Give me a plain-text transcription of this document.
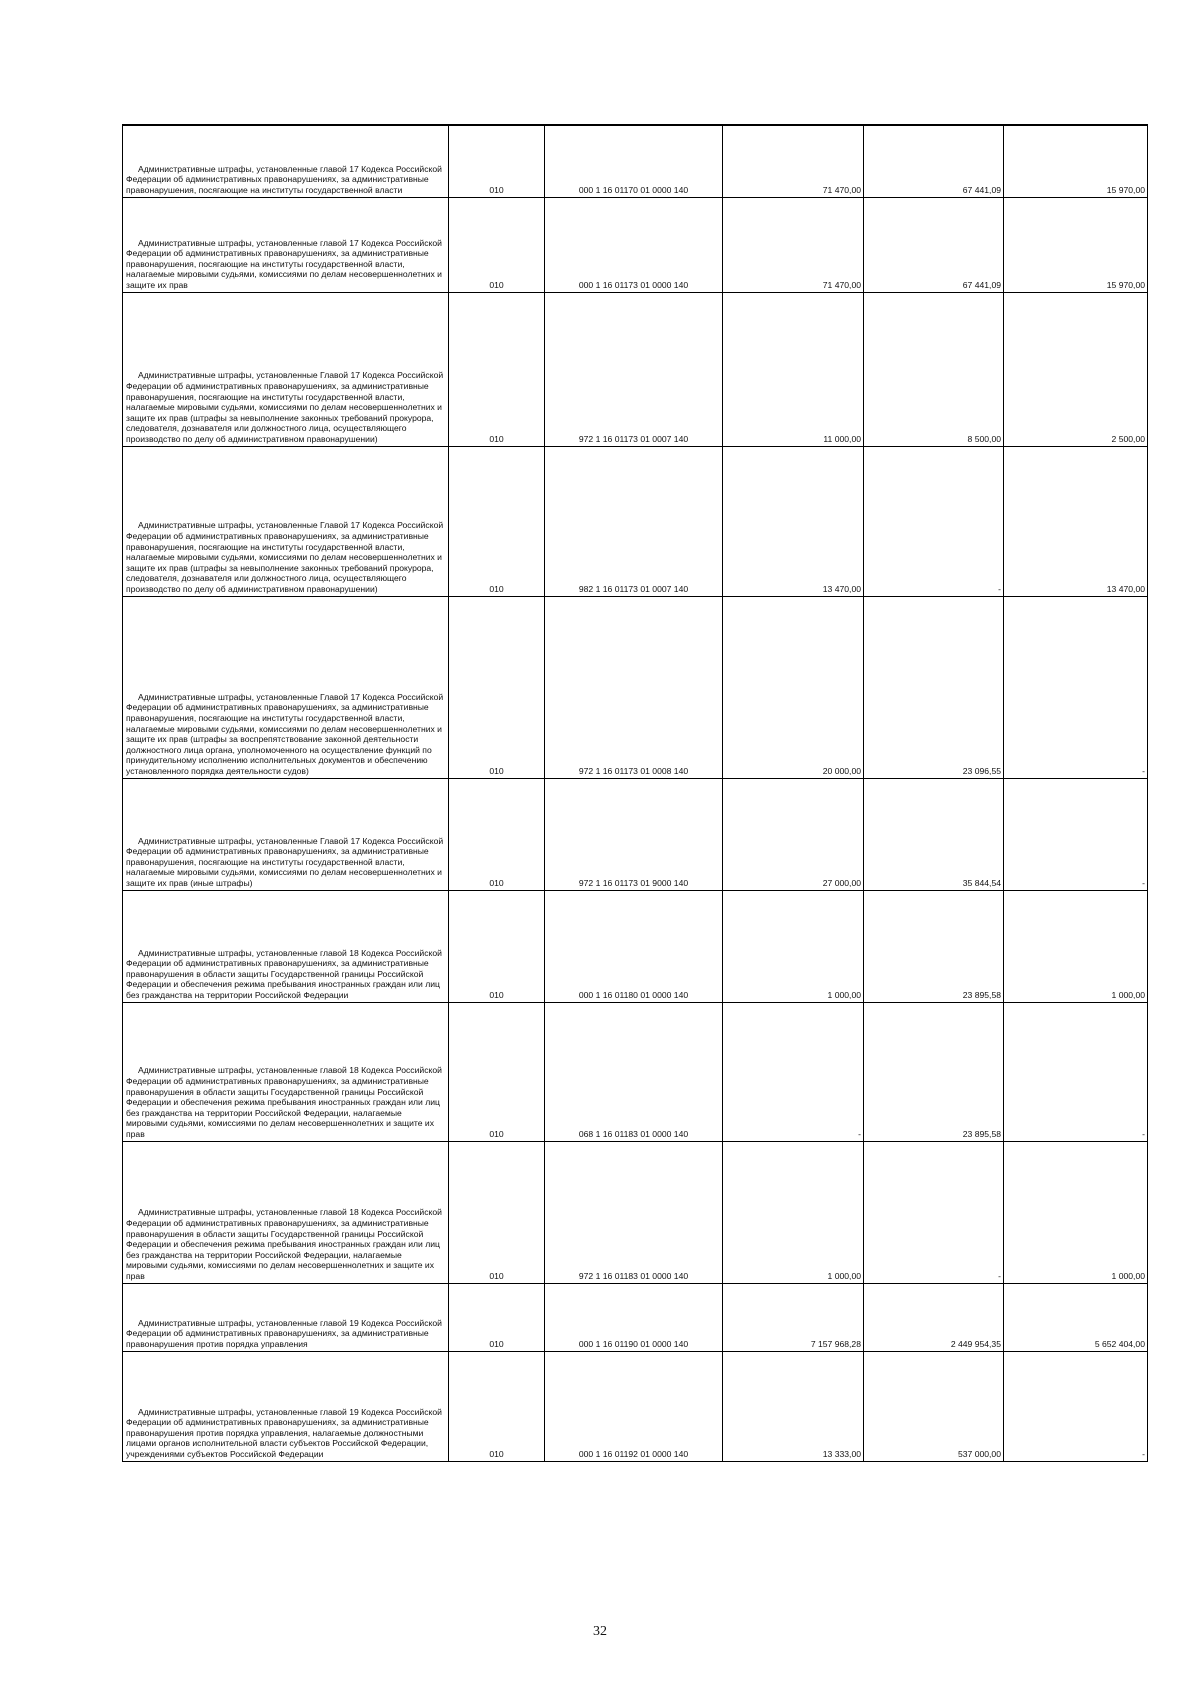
Административные штрафы, установленные главой 17 Кодекса Российской Федерации об административных правонарушениях, за административные правонарушения, посягающие на институты государственной власти	010	000 1 16 01170 01 0000 140	71 470,00	67 441,09	15 970,00

Административные штрафы, установленные главой 17 Кодекса Российской Федерации об административных правонарушениях, за административные правонарушения, посягающие на институты государственной власти, налагаемые мировыми судьями, комиссиями по делам несовершеннолетних и защите их прав	010	000 1 16 01173 01 0000 140	71 470,00	67 441,09	15 970,00

Административные штрафы, установленные Главой 17 Кодекса Российской Федерации об административных правонарушениях, за административные правонарушения, посягающие на институты государственной власти, налагаемые мировыми судьями, комиссиями по делам несовершеннолетних и защите их прав (штрафы за невыполнение законных требований прокурора, следователя, дознавателя или должностного лица, осуществляющего производство по делу об административном правонарушении)	010	972 1 16 01173 01 0007 140	11 000,00	8 500,00	2 500,00

Административные штрафы, установленные Главой 17 Кодекса Российской Федерации об административных правонарушениях, за административные правонарушения, посягающие на институты государственной власти, налагаемые мировыми судьями, комиссиями по делам несовершеннолетних и защите их прав (штрафы за невыполнение законных требований прокурора, следователя, дознавателя или должностного лица, осуществляющего производство по делу об административном правонарушении)	010	982 1 16 01173 01 0007 140	13 470,00	-	13 470,00

Административные штрафы, установленные Главой 17 Кодекса Российской Федерации об административных правонарушениях, за административные правонарушения, посягающие на институты государственной власти, налагаемые мировыми судьями, комиссиями по делам несовершеннолетних и защите их прав (штрафы за воспрепятствование законной деятельности должностного лица органа, уполномоченного на осуществление функций по принудительному исполнению исполнительных документов и обеспечению установленного порядка деятельности судов)	010	972 1 16 01173 01 0008 140	20 000,00	23 096,55	-

Административные штрафы, установленные Главой 17 Кодекса Российской Федерации об административных правонарушениях, за административные правонарушения, посягающие на институты государственной власти, налагаемые мировыми судьями, комиссиями по делам несовершеннолетних и защите их прав (иные штрафы)	010	972 1 16 01173 01 9000 140	27 000,00	35 844,54	-

Административные штрафы, установленные главой 18 Кодекса Российской Федерации об административных правонарушениях, за административные правонарушения в области защиты Государственной границы Российской Федерации и обеспечения режима пребывания иностранных граждан или лиц без гражданства на территории Российской Федерации	010	000 1 16 01180 01 0000 140	1 000,00	23 895,58	1 000,00

Административные штрафы, установленные главой 18 Кодекса Российской Федерации об административных правонарушениях, за административные правонарушения в области защиты Государственной границы Российской Федерации и обеспечения режима пребывания иностранных граждан или лиц без гражданства на территории Российской Федерации, налагаемые мировыми судьями, комиссиями по делам несовершеннолетних и защите их прав	010	068 1 16 01183 01 0000 140	-	23 895,58	-

Административные штрафы, установленные главой 18 Кодекса Российской Федерации об административных правонарушениях, за административные правонарушения в области защиты Государственной границы Российской Федерации и обеспечения режима пребывания иностранных граждан или лиц без гражданства на территории Российской Федерации, налагаемые мировыми судьями, комиссиями по делам несовершеннолетних и защите их прав	010	972 1 16 01183 01 0000 140	1 000,00	-	1 000,00

Административные штрафы, установленные главой 19 Кодекса Российской Федерации об административных правонарушениях, за административные правонарушения против порядка управления	010	000 1 16 01190 01 0000 140	7 157 968,28	2 449 954,35	5 652 404,00

Административные штрафы, установленные главой 19 Кодекса Российской Федерации об административных правонарушениях, за административные правонарушения против порядка управления, налагаемые должностными лицами органов исполнительной власти субъектов Российской Федерации, учреждениями субъектов Российской Федерации	010	000 1 16 01192 01 0000 140	13 333,00	537 000,00	-
32
